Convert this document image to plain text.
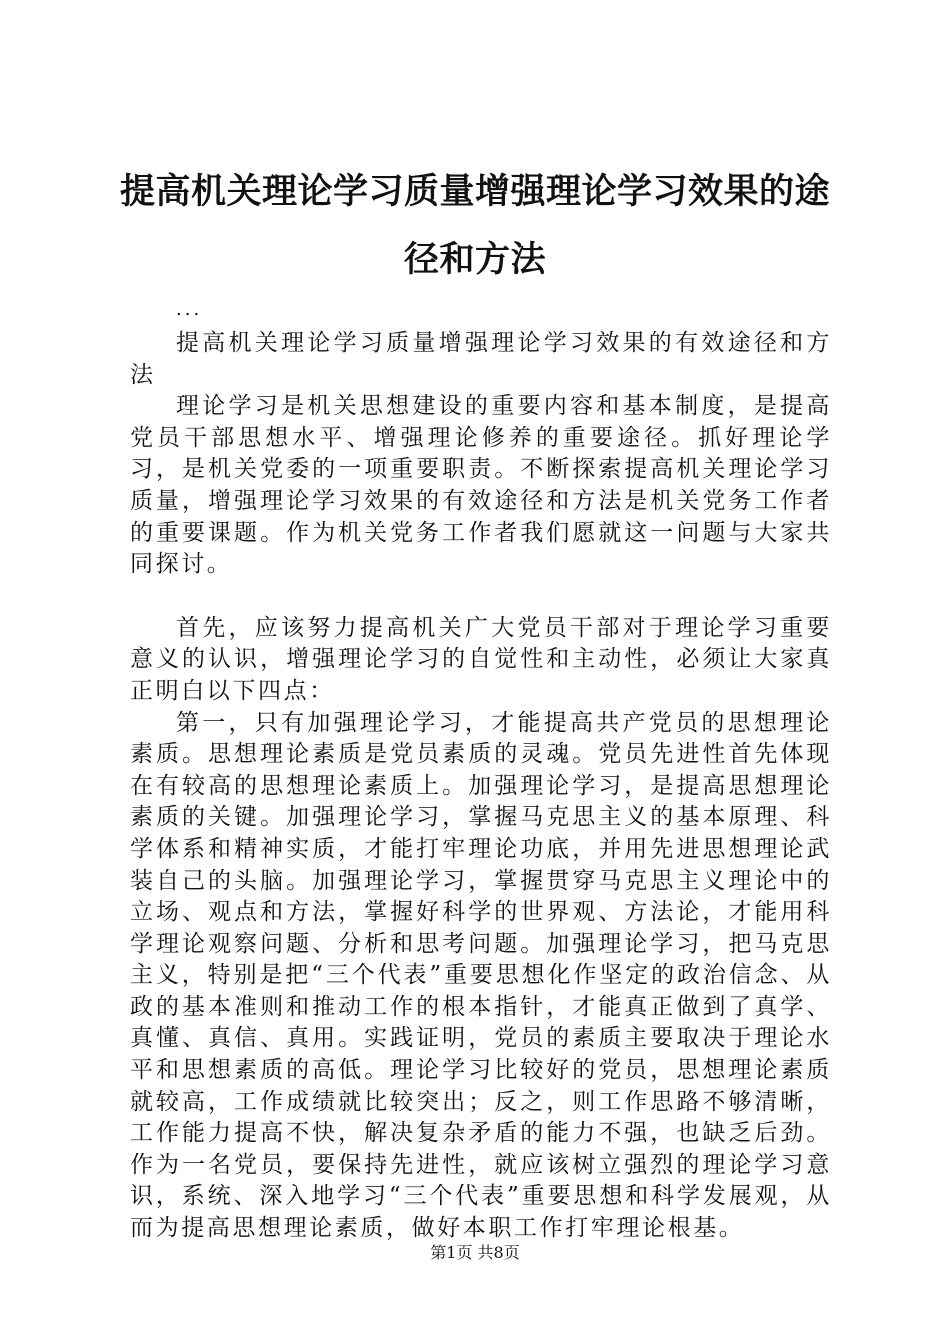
提高机关理论学习质量增强理论学习效果的途径和方法
...

提高机关理论学习质量增强理论学习效果的有效途径和方法

理论学习是机关思想建设的重要内容和基本制度，是提高党员干部思想水平、增强理论修养的重要途径。抓好理论学习，是机关党委的一项重要职责。不断探索提高机关理论学习质量，增强理论学习效果的有效途径和方法是机关党务工作者的重要课题。作为机关党务工作者我们愿就这一问题与大家共同探讨。

首先，应该努力提高机关广大党员干部对于理论学习重要意义的认识，增强理论学习的自觉性和主动性，必须让大家真正明白以下四点：

第一，只有加强理论学习，才能提高共产党员的思想理论素质。思想理论素质是党员素质的灵魂。党员先进性首先体现在有较高的思想理论素质上。加强理论学习，是提高思想理论素质的关键。加强理论学习，掌握马克思主义的基本原理、科学体系和精神实质，才能打牢理论功底，并用先进思想理论武装自己的头脑。加强理论学习，掌握贯穿马克思主义理论中的立场、观点和方法，掌握好科学的世界观、方法论，才能用科学理论观察问题、分析和思考问题。加强理论学习，把马克思主义，特别是把“三个代表”重要思想化作坚定的政治信念、从政的基本准则和推动工作的根本指针，才能真正做到了真学、真懂、真信、真用。实践证明，党员的素质主要取决于理论水平和思想素质的高低。理论学习比较好的党员，思想理论素质就较高，工作成绩就比较突出；反之，则工作思路不够清晰，工作能力提高不快，解决复杂矛盾的能力不强，也缺乏后劲。作为一名党员，要保持先进性，就应该树立强烈的理论学习意识，系统、深入地学习“三个代表”重要思想和科学发展观，从而为提高思想理论素质，做好本职工作打牢理论根基。

第1页 共8页
